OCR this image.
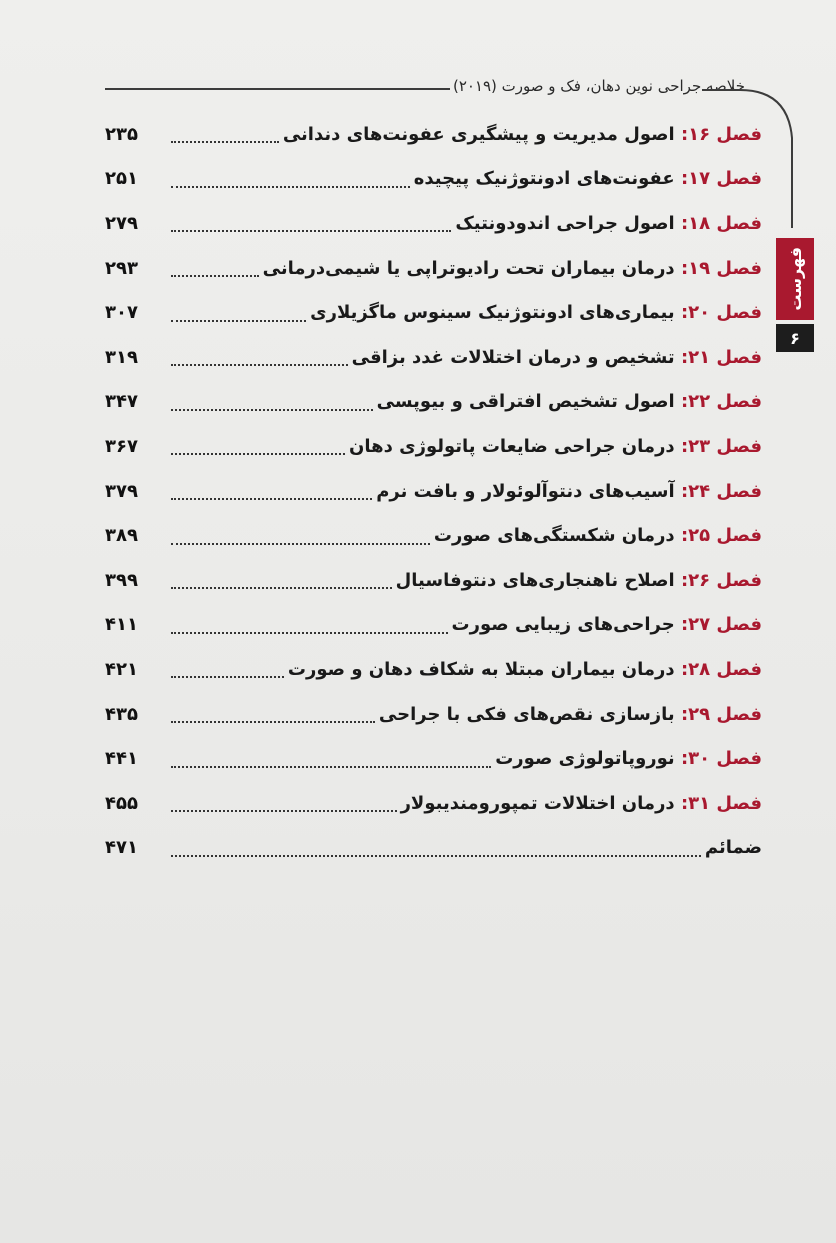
خلاصه جراحی نوین دهان، فک و صورت (۲۰۱۹)
فهرست
۶
فصل ۱۶: اصول مدیریت و پیشگیری عفونت‌های دندانی
۲۳۵
فصل ۱۷: عفونت‌های ادونتوژنیک پیچیده
۲۵۱
فصل ۱۸: اصول جراحی اندودونتیک
۲۷۹
فصل ۱۹: درمان بیماران تحت رادیوتراپی یا شیمی‌درمانی
۲۹۳
فصل ۲۰: بیماری‌های ادونتوژنیک سینوس ماگزیلاری
۳۰۷
فصل ۲۱: تشخیص و درمان اختلالات غدد بزاقی
۳۱۹
فصل ۲۲: اصول تشخیص افتراقی و بیوپسی
۳۴۷
فصل ۲۳: درمان جراحی ضایعات پاتولوژی دهان
۳۶۷
فصل ۲۴: آسیب‌های دنتوآلوئولار و بافت نرم
۳۷۹
فصل ۲۵: درمان شکستگی‌های صورت
۳۸۹
فصل ۲۶: اصلاح ناهنجاری‌های دنتوفاسیال
۳۹۹
فصل ۲۷: جراحی‌های زیبایی صورت
۴۱۱
فصل ۲۸: درمان بیماران مبتلا به شکاف دهان و صورت
۴۲۱
فصل ۲۹: بازسازی نقص‌های فکی با جراحی
۴۳۵
فصل ۳۰: نوروپاتولوژی صورت
۴۴۱
فصل ۳۱: درمان اختلالات تمپورومندیبولار
۴۵۵
ضمائم
۴۷۱
